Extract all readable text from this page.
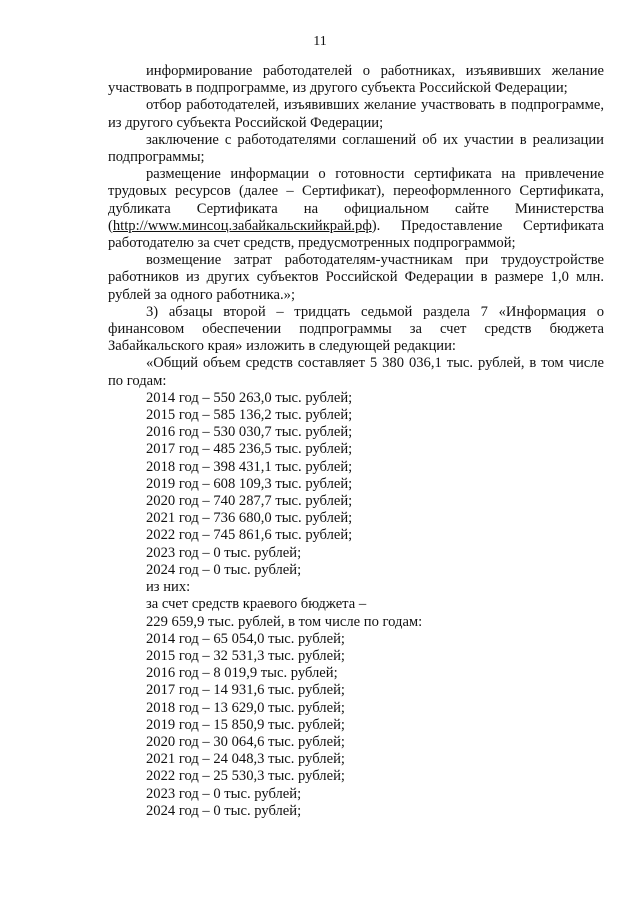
11
информирование работодателей о работниках, изъявивших желание участвовать в подпрограмме, из другого субъекта Российской Федерации;
отбор работодателей, изъявивших желание участвовать в подпрограмме, из другого субъекта Российской Федерации;
заключение с работодателями соглашений об их участии в реализации подпрограммы;
размещение информации о готовности сертификата на привлечение трудовых ресурсов (далее – Сертификат), переоформленного Сертификата, дубликата Сертификата на официальном сайте Министерства (http://www.минсоц.забайкальскийкрай.рф). Предоставление Сертификата работодателю за счет средств, предусмотренных подпрограммой;
возмещение затрат работодателям-участникам при трудоустройстве работников из других субъектов Российской Федерации в размере 1,0 млн. рублей за одного работника.»;
3) абзацы второй – тридцать седьмой раздела 7 «Информация о финансовом обеспечении подпрограммы за счет средств бюджета Забайкальского края» изложить в следующей редакции:
«Общий объем средств составляет 5 380 036,1 тыс. рублей, в том числе по годам:
2014 год – 550 263,0 тыс. рублей;
2015 год – 585 136,2 тыс. рублей;
2016 год – 530 030,7 тыс. рублей;
2017 год – 485 236,5 тыс. рублей;
2018 год – 398 431,1 тыс. рублей;
2019 год – 608 109,3 тыс. рублей;
2020 год – 740 287,7 тыс. рублей;
2021 год – 736 680,0 тыс. рублей;
2022 год – 745 861,6 тыс. рублей;
2023 год – 0 тыс. рублей;
2024 год – 0 тыс. рублей;
из них:
за счет средств краевого бюджета –
229 659,9 тыс. рублей, в том числе по годам:
2014 год – 65 054,0 тыс. рублей;
2015 год – 32 531,3 тыс. рублей;
2016 год – 8 019,9 тыс. рублей;
2017 год – 14 931,6 тыс. рублей;
2018 год – 13 629,0 тыс. рублей;
2019 год – 15 850,9 тыс. рублей;
2020 год – 30 064,6 тыс. рублей;
2021 год – 24 048,3 тыс. рублей;
2022 год – 25 530,3 тыс. рублей;
2023 год – 0 тыс. рублей;
2024 год – 0 тыс. рублей;
